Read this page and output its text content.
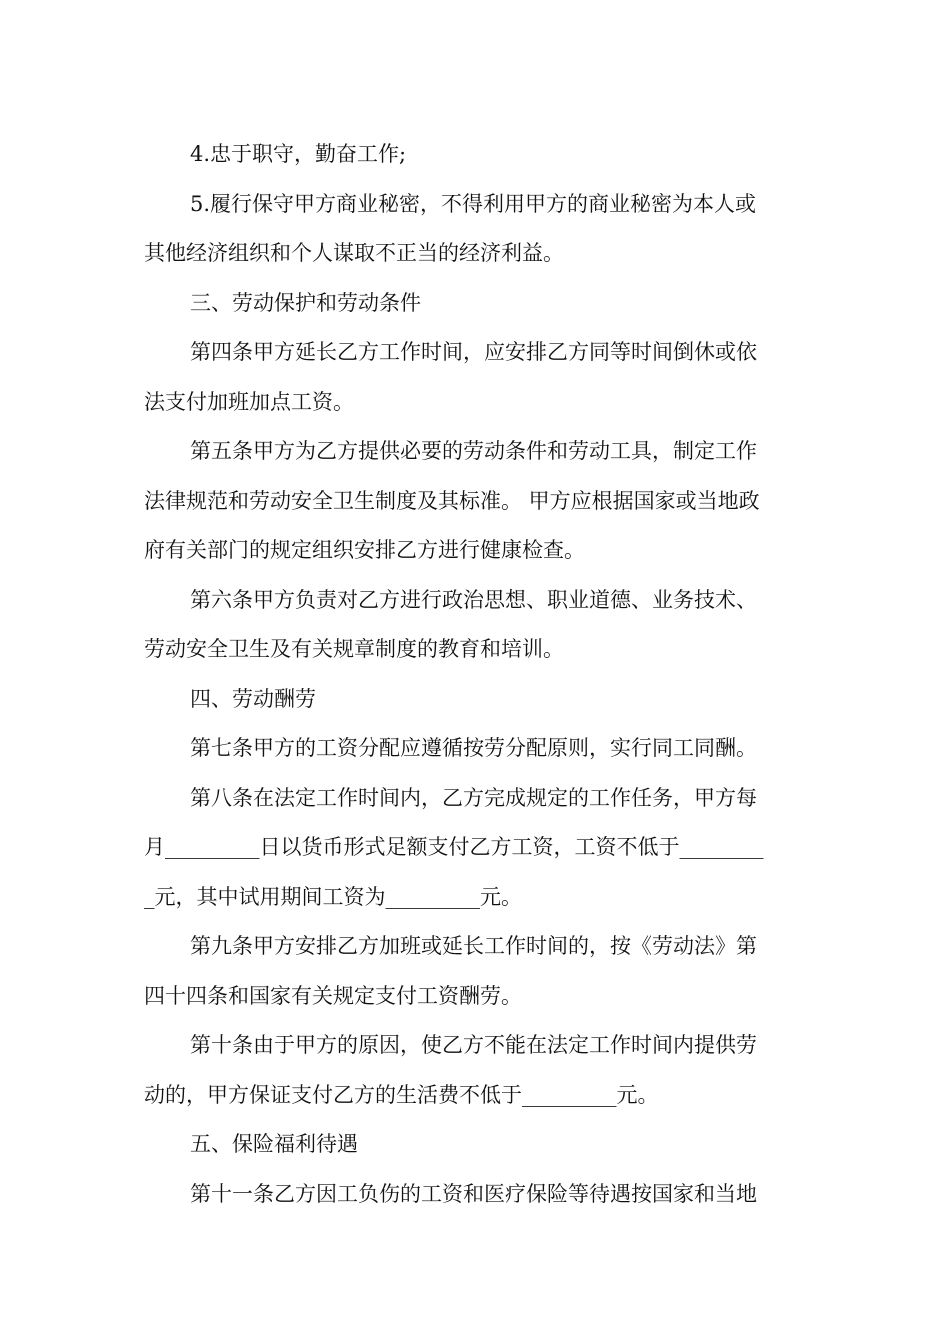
4.忠于职守，勤奋工作;
5.履行保守甲方商业秘密，不得利用甲方的商业秘密为本人或
其他经济组织和个人谋取不正当的经济利益。
三、劳动保护和劳动条件
第四条甲方延长乙方工作时间，应安排乙方同等时间倒休或依
法支付加班加点工资。
第五条甲方为乙方提供必要的劳动条件和劳动工具，制定工作
法律规范和劳动安全卫生制度及其标准。 甲方应根据国家或当地政
府有关部门的规定组织安排乙方进行健康检查。
第六条甲方负责对乙方进行政治思想、职业道德、业务技术、
劳动安全卫生及有关规章制度的教育和培训。
四、劳动酬劳
第七条甲方的工资分配应遵循按劳分配原则，实行同工同酬。
第八条在法定工作时间内，乙方完成规定的工作任务，甲方每
月_________日以货币形式足额支付乙方工资，工资不低于________
_元，其中试用期间工资为_________元。
第九条甲方安排乙方加班或延长工作时间的，按《劳动法》第
四十四条和国家有关规定支付工资酬劳。
第十条由于甲方的原因，使乙方不能在法定工作时间内提供劳
动的，甲方保证支付乙方的生活费不低于_________元。
五、保险福利待遇
第十一条乙方因工负伤的工资和医疗保险等待遇按国家和当地
